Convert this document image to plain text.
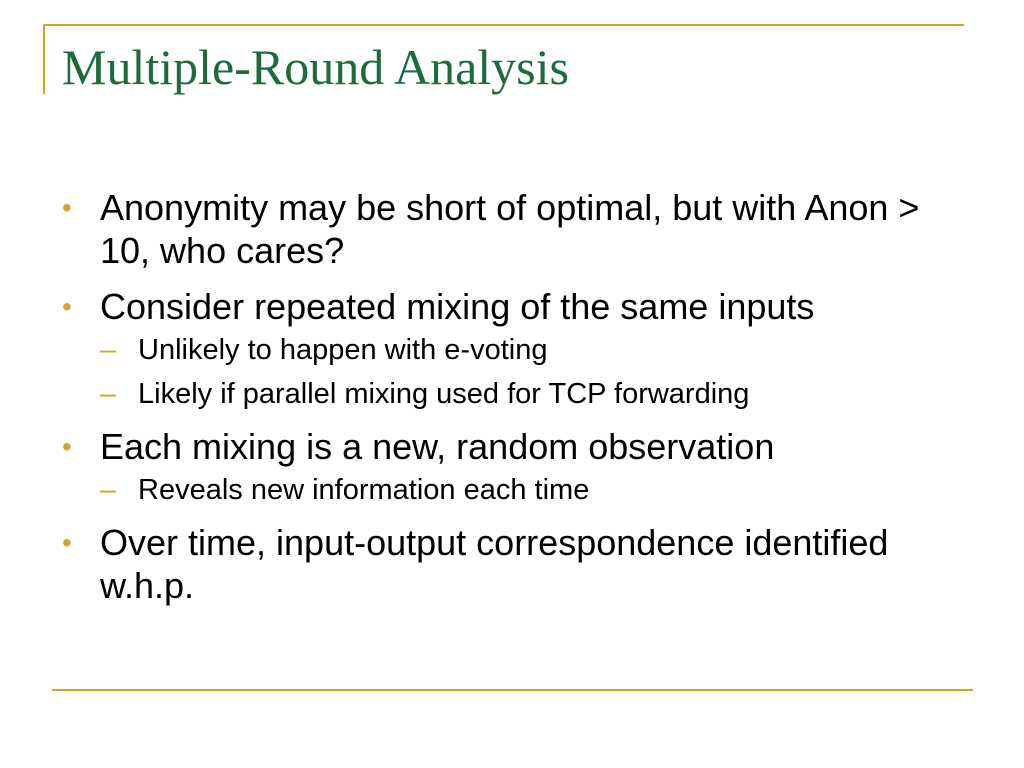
Multiple-Round Analysis
• Anonymity may be short of optimal, but with Anon > 10, who cares?
• Consider repeated mixing of the same inputs
– Unlikely to happen with e-voting
– Likely if parallel mixing used for TCP forwarding
• Each mixing is a new, random observation
– Reveals new information each time
• Over time, input-output correspondence identified w.h.p.
